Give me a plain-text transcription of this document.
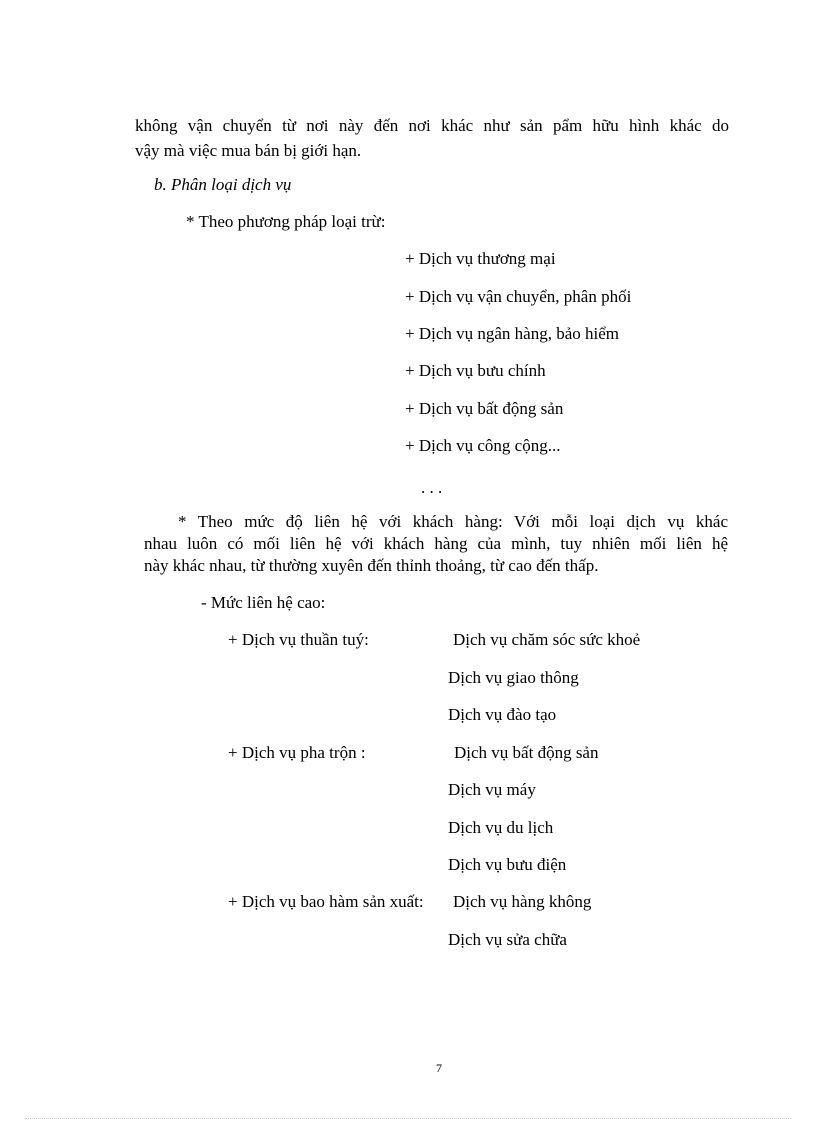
không vận chuyển từ nơi này đến nơi khác như sản pẩm hữu hình khác do
vậy mà việc mua bán bị giới hạn.
b. Phân loại dịch vụ
* Theo phương pháp loại trừ:
+ Dịch vụ thương mại
+ Dịch vụ vận chuyển, phân phối
+ Dịch vụ ngân hàng, bảo hiểm
+ Dịch vụ bưu chính
+ Dịch vụ bất động sản
+ Dịch vụ công cộng...
. . .
* Theo mức độ liên hệ với khách hàng: Với mỗi loại dịch vụ khác
nhau luôn có mối liên hệ với khách hàng của mình, tuy nhiên mối liên hệ
này khác nhau, từ thường xuyên đến thỉnh thoảng, từ cao đến thấp.
- Mức liên hệ cao:
+ Dịch vụ thuần tuý:	Dịch vụ chăm sóc sức khoẻ
Dịch vụ giao thông
Dịch vụ đào tạo
+ Dịch vụ pha trộn :	Dịch vụ bất động sản
Dịch vụ máy
Dịch vụ du lịch
Dịch vụ bưu điện
+ Dịch vụ bao hàm sản xuất: Dịch vụ hàng không
Dịch vụ sửa chữa
7
